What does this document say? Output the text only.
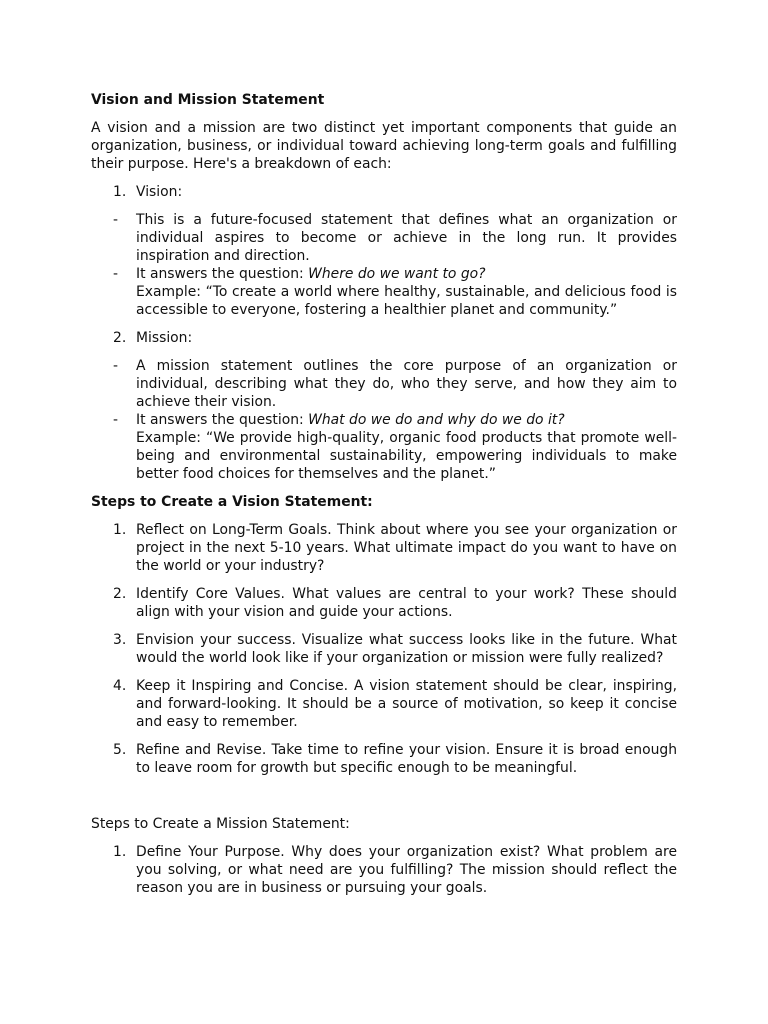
Vision and Mission Statement

A vision and a mission are two distinct yet important components that guide an organization, business, or individual toward achieving long-term goals and fulfilling their purpose. Here's a breakdown of each:

1. Vision:
- This is a future-focused statement that defines what an organization or individual aspires to become or achieve in the long run. It provides inspiration and direction.
- It answers the question: Where do we want to go?

Example: “To create a world where healthy, sustainable, and delicious food is accessible to everyone, fostering a healthier planet and community.”

2. Mission:
- A mission statement outlines the core purpose of an organization or individual, describing what they do, who they serve, and how they aim to achieve their vision.
- It answers the question: What do we do and why do we do it?

Example: “We provide high-quality, organic food products that promote well-being and environmental sustainability, empowering individuals to make better food choices for themselves and the planet.”

Steps to Create a Vision Statement:

1. Reflect on Long-Term Goals. Think about where you see your organization or project in the next 5-10 years. What ultimate impact do you want to have on the world or your industry?
2. Identify Core Values. What values are central to your work? These should align with your vision and guide your actions.
3. Envision your success. Visualize what success looks like in the future. What would the world look like if your organization or mission were fully realized?
4. Keep it Inspiring and Concise. A vision statement should be clear, inspiring, and forward-looking. It should be a source of motivation, so keep it concise and easy to remember.
5. Refine and Revise. Take time to refine your vision. Ensure it is broad enough to leave room for growth but specific enough to be meaningful.

Steps to Create a Mission Statement:

1. Define Your Purpose. Why does your organization exist? What problem are you solving, or what need are you fulfilling? The mission should reflect the reason you are in business or pursuing your goals.
